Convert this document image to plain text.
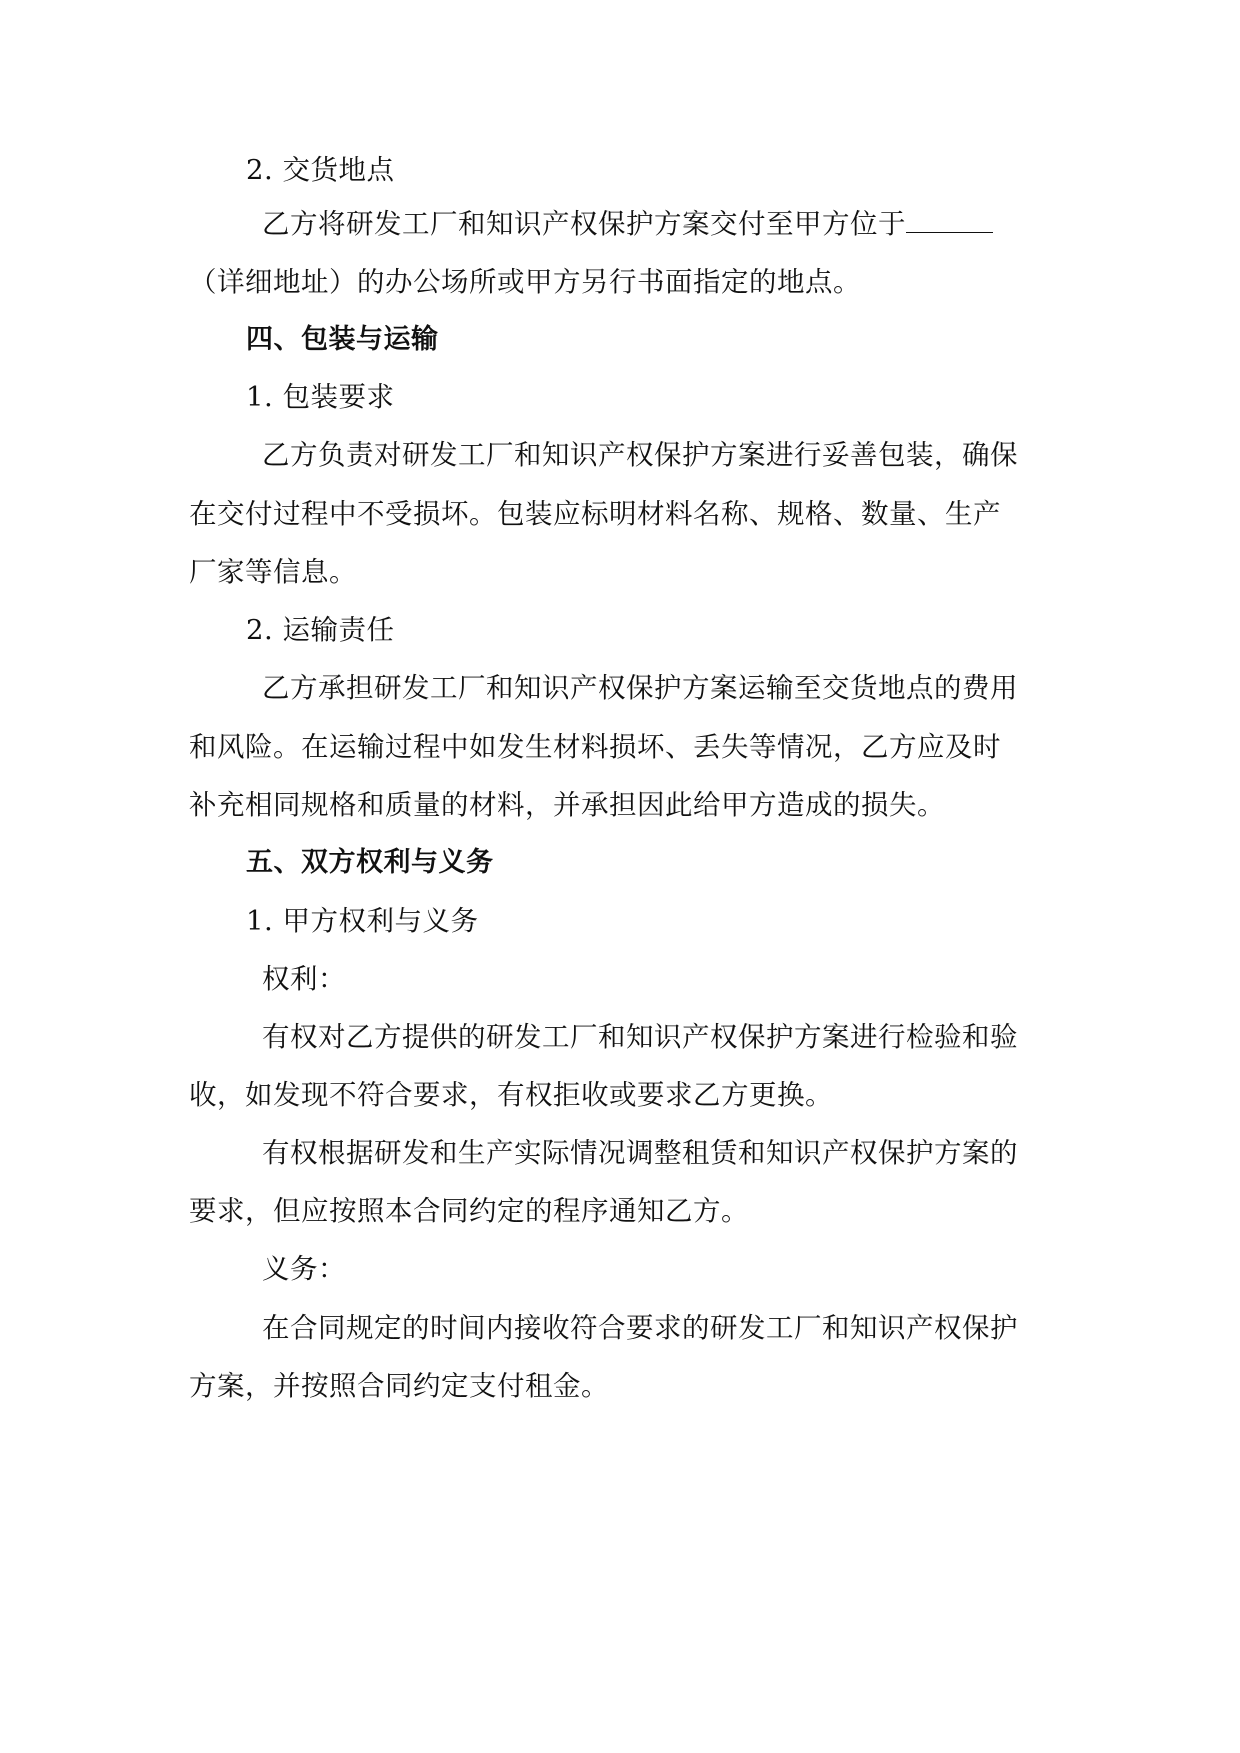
2. 交货地点
乙方将研发工厂和知识产权保护方案交付至甲方位于
（详细地址）的办公场所或甲方另行书面指定的地点。
四、包装与运输
1. 包装要求
乙方负责对研发工厂和知识产权保护方案进行妥善包装，确保
在交付过程中不受损坏。包装应标明材料名称、规格、数量、生产
厂家等信息。
2. 运输责任
乙方承担研发工厂和知识产权保护方案运输至交货地点的费用
和风险。在运输过程中如发生材料损坏、丢失等情况，乙方应及时
补充相同规格和质量的材料，并承担因此给甲方造成的损失。
五、双方权利与义务
1. 甲方权利与义务
权利：
有权对乙方提供的研发工厂和知识产权保护方案进行检验和验
收，如发现不符合要求，有权拒收或要求乙方更换。
有权根据研发和生产实际情况调整租赁和知识产权保护方案的
要求，但应按照本合同约定的程序通知乙方。
义务：
在合同规定的时间内接收符合要求的研发工厂和知识产权保护
方案，并按照合同约定支付租金。
